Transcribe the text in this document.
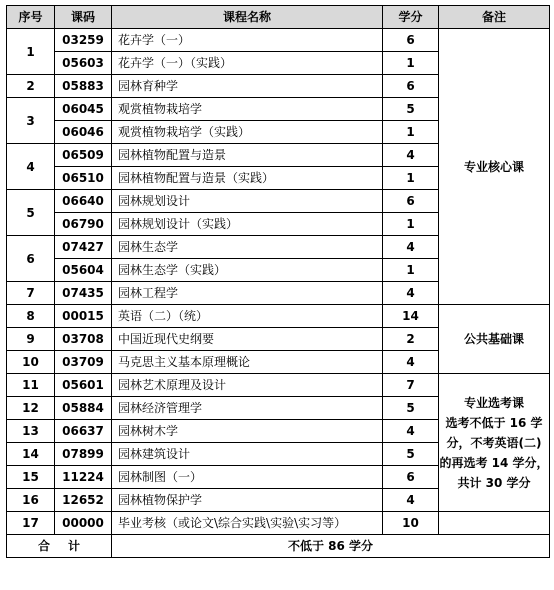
序号	课码	课程名称	学分	备注
1	03259	花卉学（一）	6	专业核心课
	05603	花卉学（一）（实践）	1	
2	05883	园林育种学	6	
3	06045	观赏植物栽培学	5	
	06046	观赏植物栽培学（实践）	1	
4	06509	园林植物配置与造景	4	
	06510	园林植物配置与造景（实践）	1	
5	06640	园林规划设计	6	
	06790	园林规划设计（实践）	1	
6	07427	园林生态学	4	
	05604	园林生态学（实践）	1	
7	07435	园林工程学	4	
8	00015	英语（二）（统）	14	公共基础课
9	03708	中国近现代史纲要	2	
10	03709	马克思主义基本原理概论	4	
11	05601	园林艺术原理及设计	7	专业选考课
选考不低于 16 学
分，不考英语(二)
的再选考 14 学分，
共计 30 学分

12	05884	园林经济管理学	5	
13	06637	园林树木学	4	
14	07899	园林建筑设计	5	
15	11224	园林制图（一）	6	
16	12652	园林植物保护学	4	
17	00000	毕业考核（或论文\综合实践\实验\实习等）	10	

合 计		不低于 86 学分		
